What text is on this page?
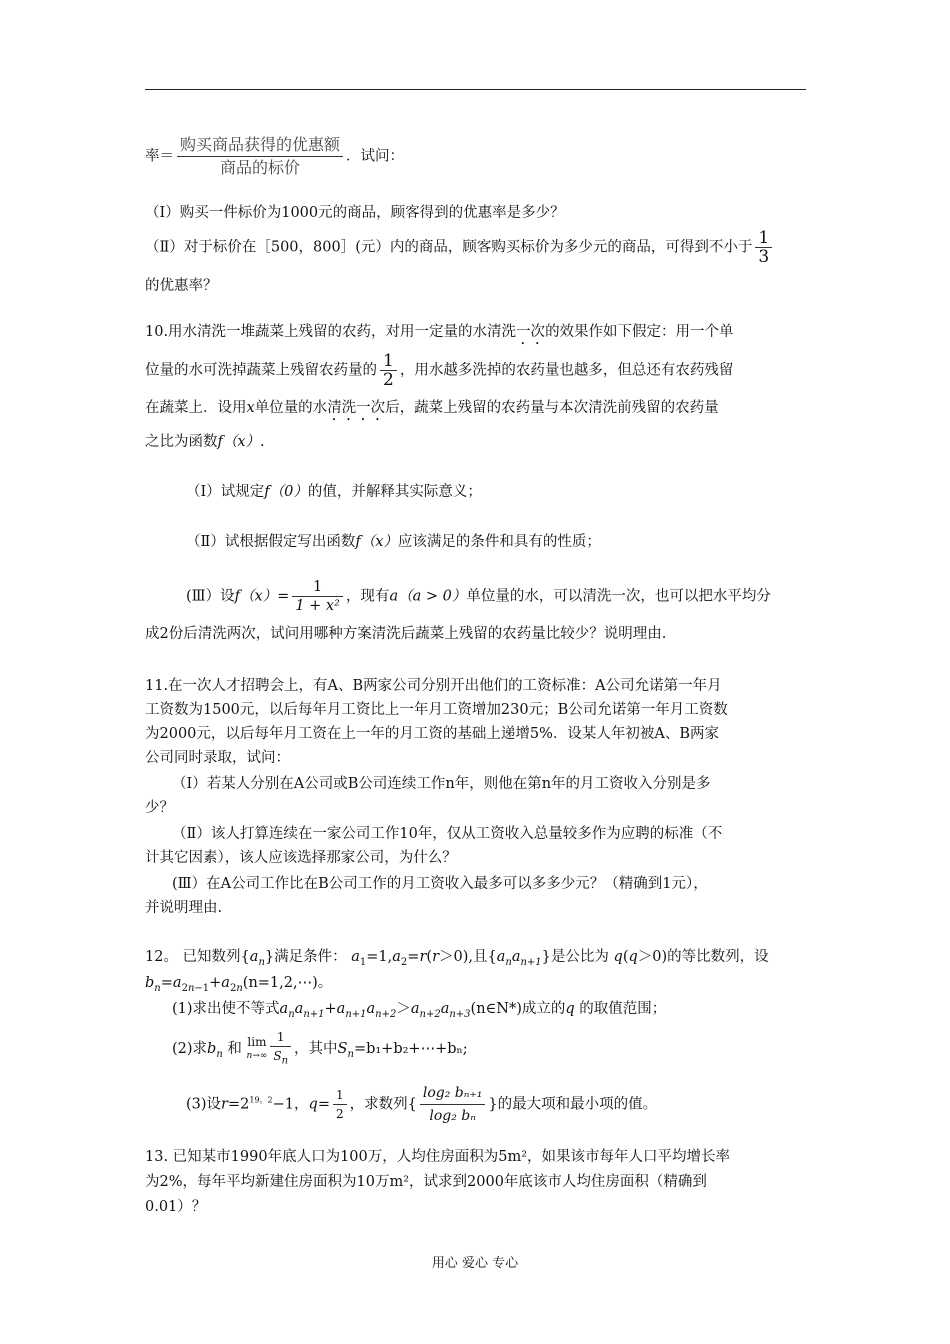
率＝ $\frac{\text{购买商品获得的优惠额}}{\text{商品的标价}}$ ．试问：
（Ⅰ）购买一件标价为1000元的商品，顾客得到的优惠率是多少？
（Ⅱ）对于标价在［500，800］(元）内的商品，顾客购买标价为多少元的商品，可得到不小于 $\frac{1}{3}$
的优惠率？
10.用水清洗一堆蔬菜上残留的农药，对用一定量的水清洗一次的效果作如下假定：用一个单
位量的水可洗掉蔬菜上残留农药量的 $\frac{1}{2}$ ，用水越多洗掉的农药量也越多，但总还有农药残留
在蔬菜上．设用x单位量的水清洗一次后，蔬菜上残留的农药量与本次清洗前残留的农药量
之比为函数f（x）.
（Ⅰ）试规定f（0）的值，并解释其实际意义；
（Ⅱ）试根据假定写出函数f（x）应该满足的条件和具有的性质；
(Ⅲ）设$f(x)= \frac{1}{\text{1 + x²}}$ ，现有a（a > 0）单位量的水，可以清洗一次，也可以把水平均分
成2份后清洗两次，试问用哪种方案清洗后蔬菜上残留的农药量比较少？说明理由.
11.在一次人才招聘会上，有A、B两家公司分别开出他们的工资标准：A公司允诺第一年月
工资数为1500元，以后每年月工资比上一年月工资增加230元；B公司允诺第一年月工资数
为2000元，以后每年月工资在上一年的月工资的基础上递增5%．设某人年初被A、B两家
公司同时录取，试问：
（Ⅰ）若某人分别在A公司或B公司连续工作n年，则他在第n年的月工资收入分别是多
少？
（Ⅱ）该人打算连续在一家公司工作10年，仅从工资收入总量较多作为应聘的标准（不
计其它因素），该人应该选择那家公司，为什么？
(Ⅲ）在A公司工作比在B公司工作的月工资收入最多可以多多少元？（精确到1元），
并说明理由.
12。 已知数列$\{a_n\}$满足条件： $a_1=1,a_2=r(r>0)$,且$\{a_na_{n+1}\}$是公比为 q(q＞0)的等比数列，设
$b_n=a_{2n-1}+a_{2n}(n=1,2,\cdots)$。
(1)求出使不等式$a_na_{n+1}+a_{n+1}a_{n+2}>a_{n+2}a_{n+3}(n\in N*)$成立的q 的取值范围；
(2)求$b_n$ 和 lim
$n\to\infty \frac{1}{S_n}$ ，其中$S_n=b_1+b_2+\cdots+b_n$;
(3)设$r=2^{19。2}-1$，$q= \frac{1}{2}$ ，求数列{ $\frac{\text{log₂ bₙ₊₁}}{\text{log₂ bₙ}}$ }的最大项和最小项的值。
13. 已知某市1990年底人口为100万，人均住房面积为5m²，如果该市每年人口平均增长率
为2%，每年平均新建住房面积为10万m²，试求到2000年底该市人均住房面积（精确到
0.01）？
用心 爱心 专心
